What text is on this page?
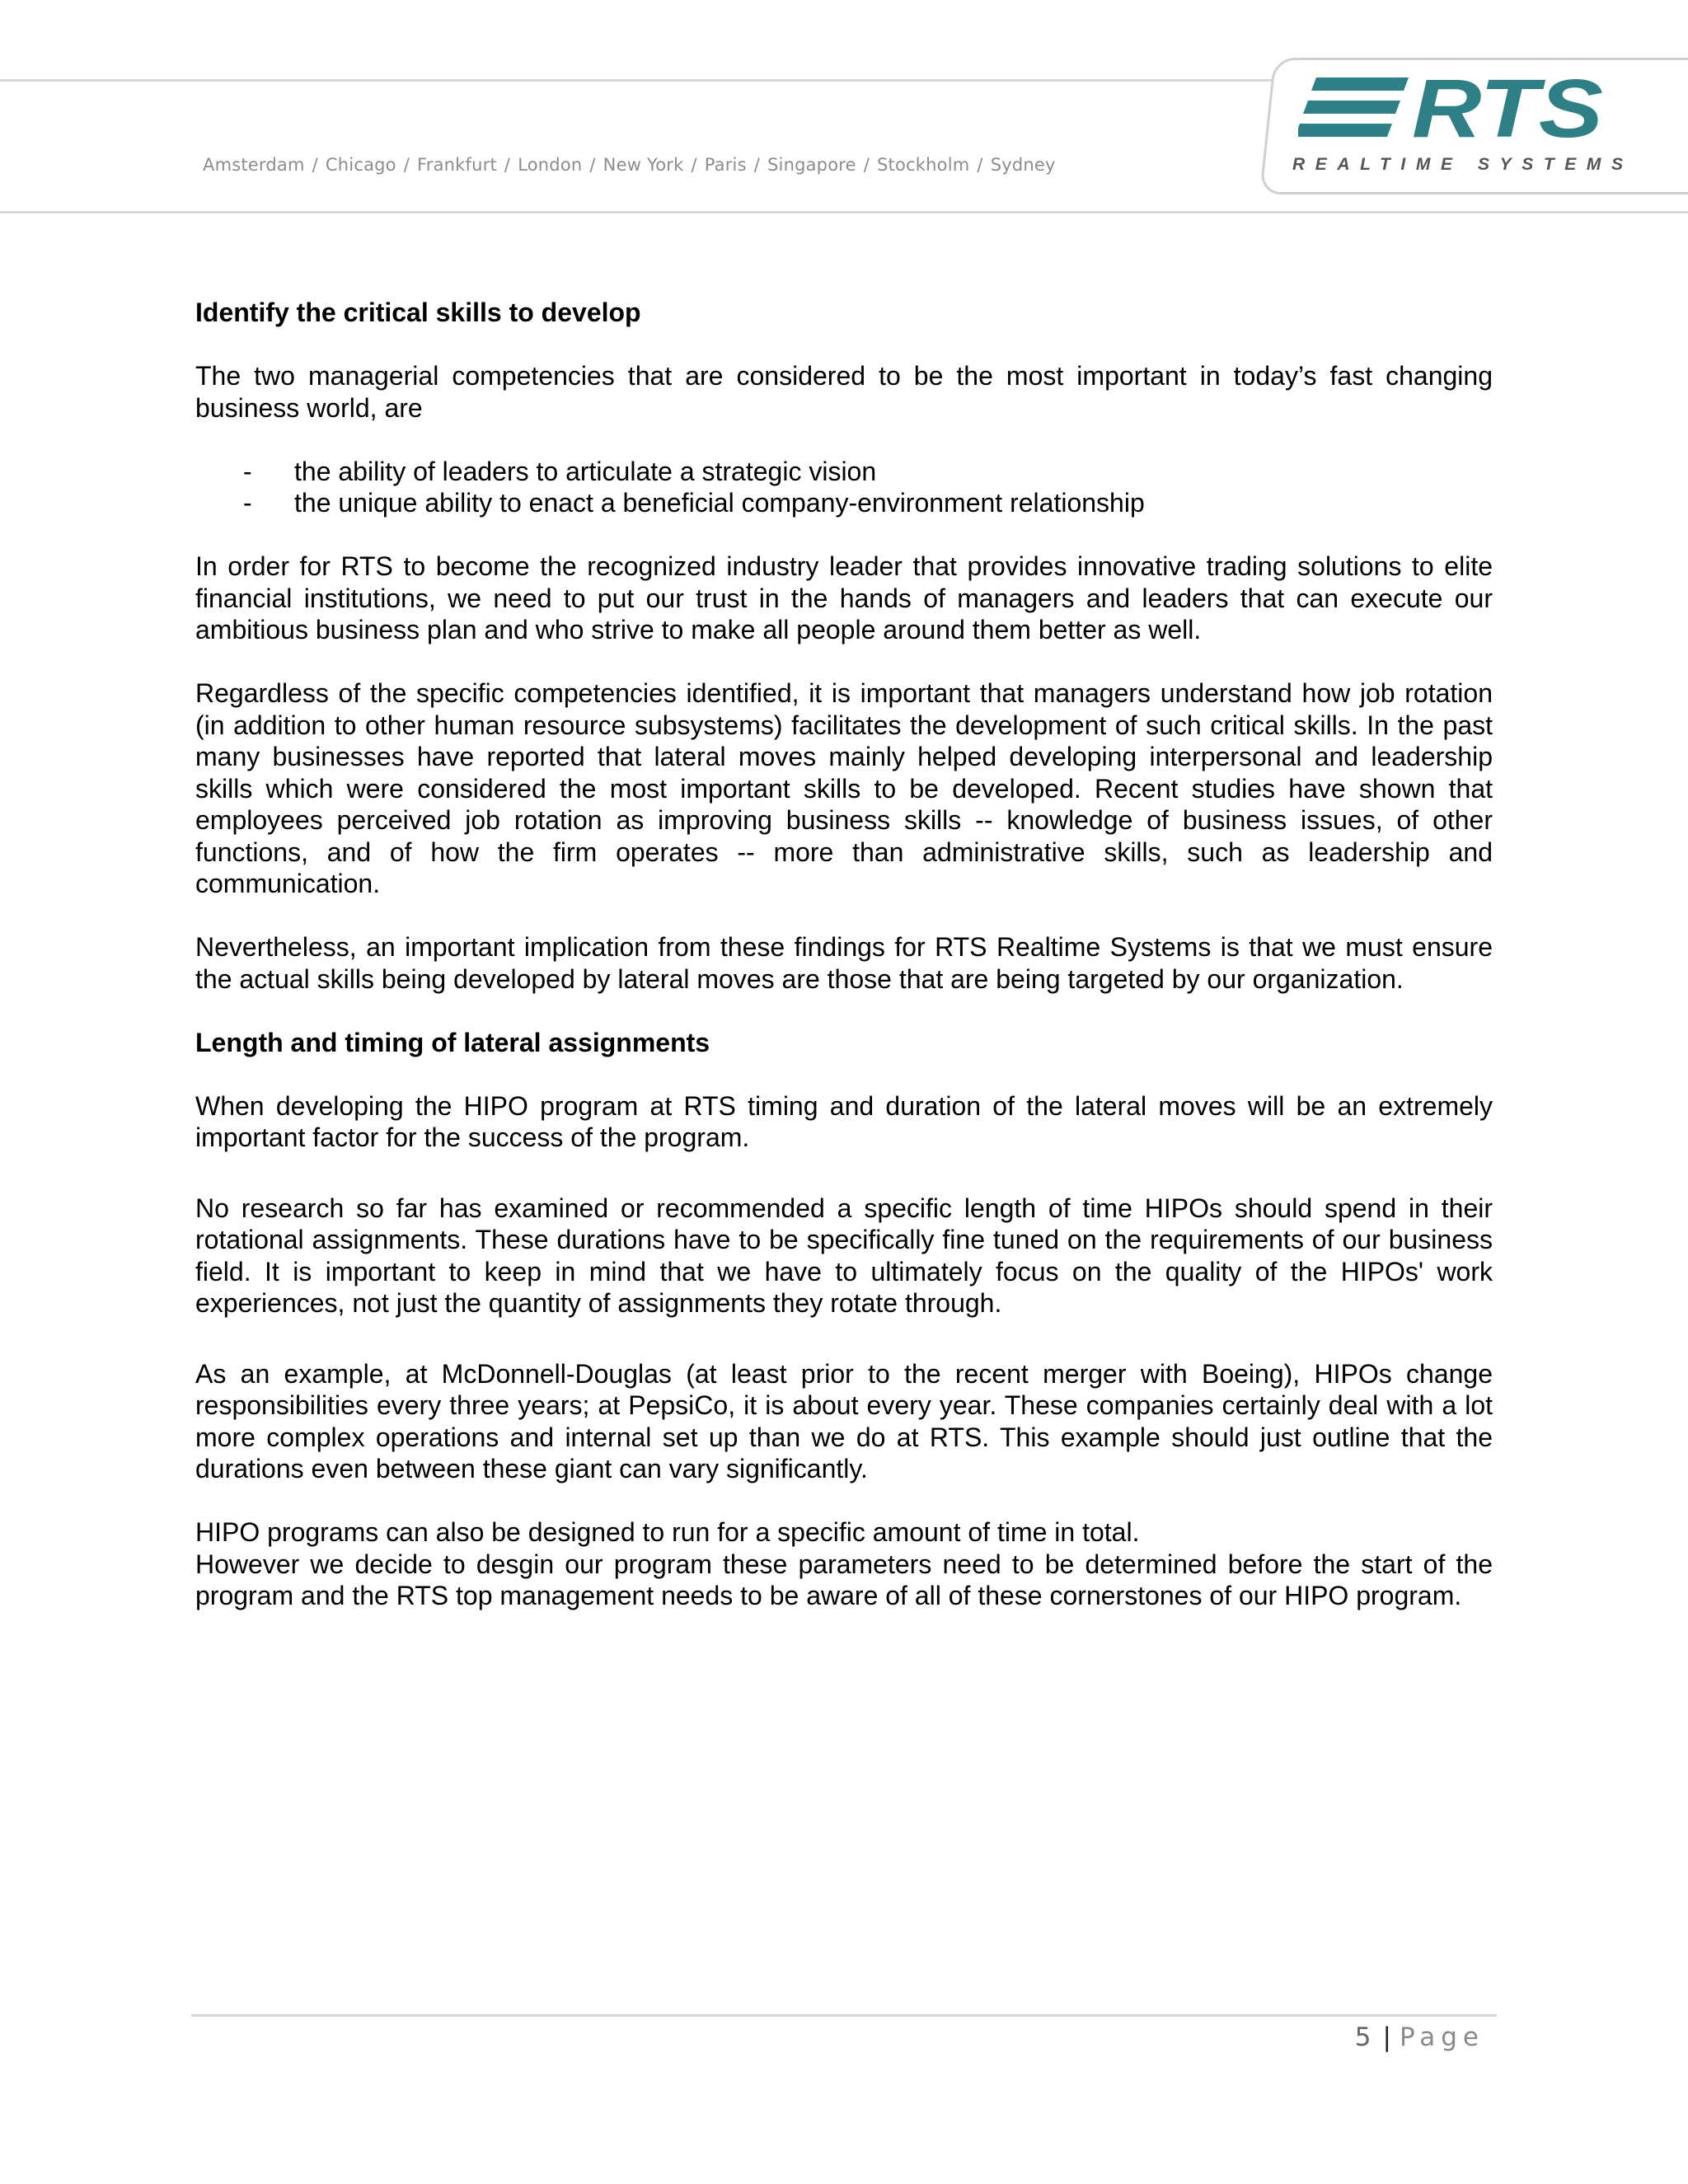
Amsterdam / Chicago / Frankfurt / London / New York / Paris / Singapore / Stockholm / Sydney
RTS
REALTIME SYSTEMS

Identify the critical skills to develop

The two managerial competencies that are considered to be the most important in today’s fast changing business world, are

- the ability of leaders to articulate a strategic vision
- the unique ability to enact a beneficial company-environment relationship

In order for RTS to become the recognized industry leader that provides innovative trading solutions to elite financial institutions, we need to put our trust in the hands of managers and leaders that can execute our ambitious business plan and who strive to make all people around them better as well.

Regardless of the specific competencies identified, it is important that managers understand how job rotation (in addition to other human resource subsystems) facilitates the development of such critical skills. In the past many businesses have reported that lateral moves mainly helped developing interpersonal and leadership skills which were considered the most important skills to be developed. Recent studies have shown that employees perceived job rotation as improving business skills -- knowledge of business issues, of other functions, and of how the firm operates -- more than administrative skills, such as leadership and communication.

Nevertheless, an important implication from these findings for RTS Realtime Systems is that we must ensure the actual skills being developed by lateral moves are those that are being targeted by our organization.

Length and timing of lateral assignments

When developing the HIPO program at RTS timing and duration of the lateral moves will be an extremely important factor for the success of the program.

No research so far has examined or recommended a specific length of time HIPOs should spend in their rotational assignments. These durations have to be specifically fine tuned on the requirements of our business field. It is important to keep in mind that we have to ultimately focus on the quality of the HIPOs' work experiences, not just the quantity of assignments they rotate through.

As an example, at McDonnell-Douglas (at least prior to the recent merger with Boeing), HIPOs change responsibilities every three years; at PepsiCo, it is about every year. These companies certainly deal with a lot more complex operations and internal set up than we do at RTS. This example should just outline that the durations even between these giant can vary significantly.

HIPO programs can also be designed to run for a specific amount of time in total.

However we decide to desgin our program these parameters need to be determined before the start of the program and the RTS top management needs to be aware of all of these cornerstones of our HIPO program.

5 | Page
